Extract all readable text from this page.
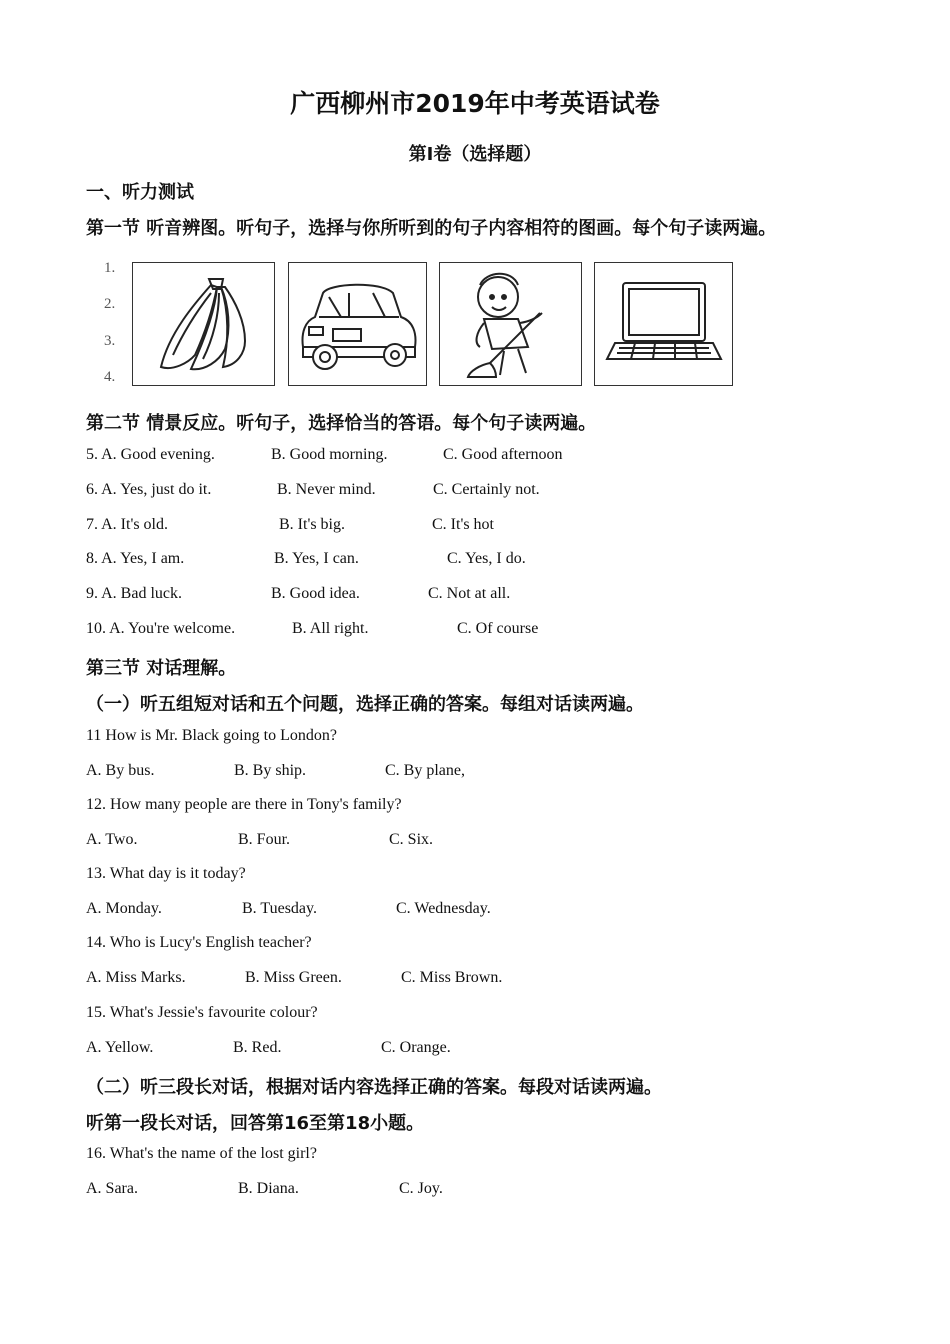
广西柳州市2019年中考英语试卷
第I卷（选择题）
一、听力测试
第一节 听音辨图。听句子，选择与你所听到的句子内容相符的图画。每个句子读两遍。
1.
2.
3.
4.
第二节 情景反应。听句子，选择恰当的答语。每个句子读两遍。
5. A. Good evening.	B. Good morning.	C. Good afternoon
6. A. Yes, just do it.	B. Never mind.	C. Certainly not.
7. A. It's old.	B. It's big.	C. It's hot
8. A. Yes, I am.	B. Yes, I can.	C. Yes, I do.
9. A. Bad luck.	B. Good idea.	C. Not at all.
10. A. You're welcome.	B. All right.	C. Of course
第三节 对话理解。
（一）听五组短对话和五个问题，选择正确的答案。每组对话读两遍。
11 How is Mr. Black going to London?
A. By bus.	B. By ship.	C. By plane,
12. How many people are there in Tony's family?
A. Two.	B. Four.	C. Six.
13. What day is it today?
A. Monday.	B. Tuesday.	C. Wednesday.
14. Who is Lucy's English teacher?
A. Miss Marks.	B. Miss Green.	C. Miss Brown.
15. What's Jessie's favourite colour?
A. Yellow.	B. Red.	C. Orange.
（二）听三段长对话，根据对话内容选择正确的答案。每段对话读两遍。
听第一段长对话，回答第16至第18小题。
16. What's the name of the lost girl?
A. Sara.	B. Diana.	C. Joy.
